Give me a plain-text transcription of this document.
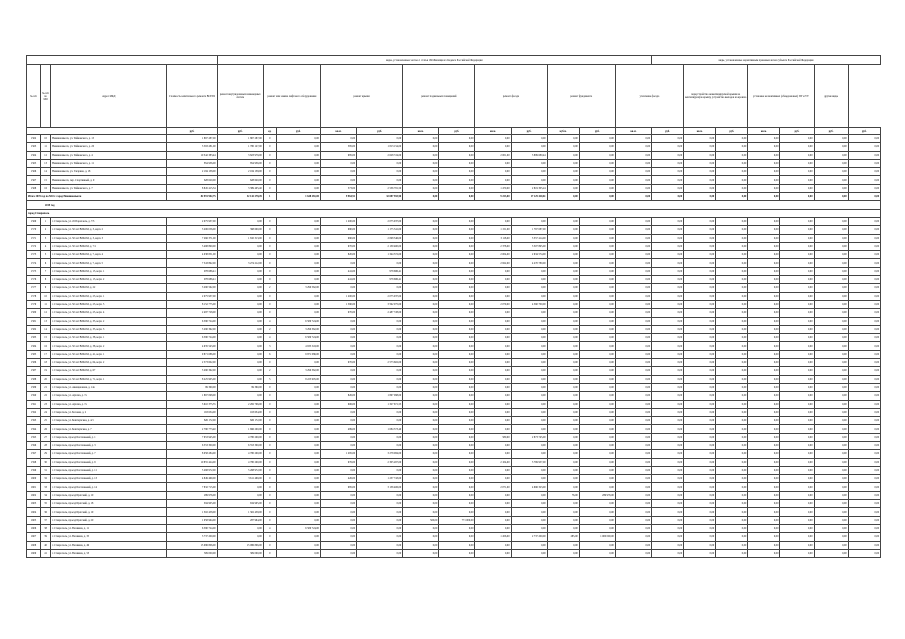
				виды, установленные частью 1 статьи 166 Жилищного Кодекса Российской Федерации												виды, установленные нормативным правовым актом субъекта Российской Федерации						
№ п/п	№ п/п по МО	Адрес МКД	Стоимость капитального ремонта ВСЕГО	ремонт внутридомовых инженерных систем	ремонт или замена лифтового оборудования		ремонт крыши		ремонт подвальных помещений		ремонт фасада		ремонт фундамента		утепление фасада		переустройство невентилируемой крыши на вентилируемую крышу, устройство выходов на кровлю		установка коллективных (общедомовых) ПУ и УУ		другие виды	
			руб.	руб.	ед.	руб.	кв.м.	руб.	кв.м.	руб.	кв.м.	руб.	куб.м.	руб.	кв.м.	руб.	кв.м.	руб.	кв.м.	руб.	руб.	руб.
1562	10	Невинномысск, ул. Чайковского, д. 15	1 867 287,00	1 867 287,00	0	0,00	0,00	0,00	0,00	0,00	0,00	0,00	0,00	0,00	0,00	0,00	0,00	0,00	0,00	0,00	0,00	0,00
1563	11	Невинномысск, ул. Чайковского, д. 20	3 593 281,00	1 780 127,00	0	0,00	585,00	1 813 154,00	0,00	0,00	0,00	0,00	0,00	0,00	0,00	0,00	0,00	0,00	0,00	0,00	0,00	0,00
1564	12	Невинномысск, ул. Чайковского, д. 4	10 342 383,44	3 823 979,00	0	0,00	985,00	2 628 724,00	0,00	0,00	2 001,00	3 889 680,44	0,00	0,00	0,00	0,00	0,00	0,00	0,00	0,00	0,00	0,00
1565	13	Невинномысск, ул. Чайковского, д. 11	854 936,00	854 936,00	0	0,00	0,00	0,00	0,00	0,00	0,00	0,00	0,00	0,00	0,00	0,00	0,00	0,00	0,00	0,00	0,00	0,00
1566	14	Невинномысск, ул. Гагарина, д. 18	2 184 138,00	2 184 138,00	0	0,00	0,00	0,00	0,00	0,00	0,00	0,00	0,00	0,00	0,00	0,00	0,00	0,00	0,00	0,00	0,00	0,00
1567	15	Невинномысск, пер. Спортивный, д. 9	628 620,00	628 620,00	0	0,00	0,00	0,00	0,00	0,00	0,00	0,00	0,00	0,00	0,00	0,00	0,00	0,00	0,00	0,00	0,00	0,00
1568	16	Невинномысск, ул. Чайковского, д. 7	8 845 415,34	3 389 405,40	0	0,00	573,00	2 536 781,50	0,00	0,00	1 470,00	2 819 305,24	0,00	0,00	0,00	0,00	0,00	0,00	0,00	0,00	0,00	0,00
Итого 2019 год по МО г. город Невинномысск			82 991 902,75	32 142 278,49	1	1 648 281,00	9 964,91	32 087 593,90	0,00	0,00	9 223,00	17 125 420,61	0,00	0,00	0,00	0,00	0,00	0,00	0,00	0,00	0,00	0,00
2019 год																						
город Ставрополь																						
1569	1	г. Ставрополь, ул. 45 Параллель, д. 7/3	2 075 937,00	0,00	0	0,00	1 200,00	2 075 937,00	0,00	0,00	0,00	0,00	0,00	0,00	0,00	0,00	0,00	0,00	0,00	0,00	0,00	0,00
1570	2	г. Ставрополь, ул. 50 лет ВЛКСМ, д. 3, корп. 2	3 206 056,00	398 600,00	0	0,00	680,00	1 175 541,00	0,00	0,00	1 151,00	1 767 087,00	0,00	0,00	0,00	0,00	0,00	0,00	0,00	0,00	0,00	0,00
1571	3	г. Ставрополь, ул. 50 лет ВЛКСМ, д. 3, корп. 3	7 266 371,00	1 810 313,00	0	0,00	990,00	2 098 546,00	0,00	0,00	3 118,00	3 357 414,00	0,00	0,00	0,00	0,00	0,00	0,00	0,00	0,00	0,00	0,00
1572	4	г. Ставрополь, ул. 50 лет ВЛКСМ, д. 7/1	5 498 890,00	0,00	0	0,00	970,00	2 139 460,00	0,00	0,00	2 378,00	3 307 895,00	0,00	0,00	0,00	0,00	0,00	0,00	0,00	0,00	0,00	0,00
1573	5	г. Ставрополь, ул. 50 лет ВЛКСМ, д. 7, корп. 4	4 038 851,00	0,00	0	0,00	820,00	1 344 372,00	0,00	0,00	2 004,00	2 634 574,00	0,00	0,00	0,00	0,00	0,00	0,00	0,00	0,00	0,00	0,00
1574	6	г. Ставрополь, ул. 50 лет ВЛКСМ, д. 7, корп. 5	7 543 892,00	3 274 212,00	0	0,00	0,00	0,00	0,00	0,00	2 822,00	4 270 780,00	0,00	0,00	0,00	0,00	0,00	0,00	0,00	0,00	0,00	0,00
1575	7	г. Ставрополь, ул. 50 лет ВЛКСМ, д. 15, корп. 1	978 686,41	0,00	0	0,00	441,00	978 686,41	0,00	0,00	0,00	0,00	0,00	0,00	0,00	0,00	0,00	0,00	0,00	0,00	0,00	0,00
1576	8	г. Ставрополь, ул. 50 лет ВЛКСМ, д. 15, корп. 2	978 686,41	0,00	0	0,00	441,00	978 686,41	0,00	0,00	0,00	0,00	0,00	0,00	0,00	0,00	0,00	0,00	0,00	0,00	0,00	0,00
1577	9	г. Ставрополь, ул. 50 лет ВЛКСМ, д. 22	3 290 562,00	0,00	2	3 290 562,00	0,00	0,00	0,00	0,00	0,00	0,00	0,00	0,00	0,00	0,00	0,00	0,00	0,00	0,00	0,00	0,00
1578	10	г. Ставрополь, ул. 50 лет ВЛКСМ, д. 23, корп. 1	2 075 937,00	0,00	0	0,00	1 200,00	2 075 937,00	0,00	0,00	0,00	0,00	0,00	0,00	0,00	0,00	0,00	0,00	0,00	0,00	0,00	0,00
1579	11	г. Ставрополь, ул. 50 лет ВЛКСМ, д. 23, корп. 5	8 152 775,00	0,00	0	0,00	1 590,00	3 592 075,00	0,00	0,00	2 079,00	4 560 700,00	0,00	0,00	0,00	0,00	0,00	0,00	0,00	0,00	0,00	0,00
1580	12	г. Ставрополь, ул. 50 лет ВЛКСМ, д. 25, корп. 4	2 487 728,00	0,00	0	0,00	970,00	2 487 728,00	0,00	0,00	0,00	0,00	0,00	0,00	0,00	0,00	0,00	0,00	0,00	0,00	0,00	0,00
1581	13	г. Ставрополь, ул. 50 лет ВЛКСМ, д. 35, корп. 2	6 580 724,00	0,00	4	6 580 724,00	0,00	0,00	0,00	0,00	0,00	0,00	0,00	0,00	0,00	0,00	0,00	0,00	0,00	0,00	0,00	0,00
1582	14	г. Ставрополь, ул. 50 лет ВЛКСМ, д. 35, корп. 3	3 290 362,00	0,00	2	3 290 362,00	0,00	0,00	0,00	0,00	0,00	0,00	0,00	0,00	0,00	0,00	0,00	0,00	0,00	0,00	0,00	0,00
1583	15	г. Ставрополь, ул. 50 лет ВЛКСМ, д. 38, корп. 1	6 580 724,00	0,00	4	6 580 724,00	0,00	0,00	0,00	0,00	0,00	0,00	0,00	0,00	0,00	0,00	0,00	0,00	0,00	0,00	0,00	0,00
1584	16	г. Ставрополь, ул. 50 лет ВЛКСМ, д. 38, корп. 2	4 935 543,00	0,00	3	4 935 543,00	0,00	0,00	0,00	0,00	0,00	0,00	0,00	0,00	0,00	0,00	0,00	0,00	0,00	0,00	0,00	0,00
1585	17	г. Ставрополь, ул. 50 лет ВЛКСМ, д. 41, корп. 1	9 871 086,00	0,00	6	9 871 086,00	0,00	0,00	0,00	0,00	0,00	0,00	0,00	0,00	0,00	0,00	0,00	0,00	0,00	0,00	0,00	0,00
1586	18	г. Ставрополь, ул. 50 лет ВЛКСМ, д. 64, корп. 2	2 573 602,00	0,00	0	0,00	970,00	2 573 602,00	0,00	0,00	0,00	0,00	0,00	0,00	0,00	0,00	0,00	0,00	0,00	0,00	0,00	0,00
1587	19	г. Ставрополь, ул. 50 лет ВЛКСМ, д. 67	3 290 362,00	0,00	2	3 290 362,00	0,00	0,00	0,00	0,00	0,00	0,00	0,00	0,00	0,00	0,00	0,00	0,00	0,00	0,00	0,00	0,00
1588	20	г. Ставрополь, ул. 50 лет ВЛКСМ, д. 71, корп. 1	8 225 905,00	0,00	5	8 225 905,00	0,00	0,00	0,00	0,00	0,00	0,00	0,00	0,00	0,00	0,00	0,00	0,00	0,00	0,00	0,00	0,00
1589	21	г. Ставрополь, ул. Авиационная, д. 14а	99 360,00	99 360,00	0	0,00	0,00	0,00	0,00	0,00	0,00	0,00	0,00	0,00	0,00	0,00	0,00	0,00	0,00	0,00	0,00	0,00
1590	22	г. Ставрополь, ул. Артема, д. 7а	1 867 098,00	0,00	0	0,00	826,00	1 867 098,00	0,00	0,00	0,00	0,00	0,00	0,00	0,00	0,00	0,00	0,00	0,00	0,00	0,00	0,00
1591	23	г. Ставрополь, ул. Артема, д. 7а	3 610 375,55	2 282 706,00	0	0,00	606,00	1 327 671,55	0,00	0,00	0,00	0,00	0,00	0,00	0,00	0,00	0,00	0,00	0,00	0,00	0,00	0,00
1592	24	г. Ставрополь, ул. Басовая, д. 2	163 634,00	163 634,00	0	0,00	0,00	0,00	0,00	0,00	0,00	0,00	0,00	0,00	0,00	0,00	0,00	0,00	0,00	0,00	0,00	0,00
1593	25	г. Ставрополь, ул. Бештаунская, д. 4/1	826 172,00	826 172,00	0	0,00	0,00	0,00	0,00	0,00	0,00	0,00	0,00	0,00	0,00	0,00	0,00	0,00	0,00	0,00	0,00	0,00
1594	26	г. Ставрополь, ул. Бештаунская, д. 7	2 780 773,40	1 696 200,00	0	0,00	489,00	1 084 573,40	0,00	0,00	0,00	0,00	0,00	0,00	0,00	0,00	0,00	0,00	0,00	0,00	0,00	0,00
1595	27	г. Ставрополь, проезд Богатенький, д. 1	7 653 945,00	4 780 200,00	0	0,00	0,00	0,00	0,00	0,00	580,00	2 873 745,00	0,00	0,00	0,00	0,00	0,00	0,00	0,00	0,00	0,00	0,00
1596	28	г. Ставрополь, проезд Богатенький, д. 3	6 553 300,00	6 553 300,00	0	0,00	0,00	0,00	0,00	0,00	0,00	0,00	0,00	0,00	0,00	0,00	0,00	0,00	0,00	0,00	0,00	0,00
1597	29	г. Ставрополь, проезд Богатенький, д. 7	8 058 284,00	4 780 200,00	0	0,00	1 295,00	3 278 084,00	0,00	0,00	0,00	0,00	0,00	0,00	0,00	0,00	0,00	0,00	0,00	0,00	0,00	0,00
1598	30	г. Ставрополь, проезд Богатенький, д. 9	10 855 424,00	4 780 200,00	0	0,00	976,00	2 305 267,00	0,00	0,00	2 104,00	3 769 957,00	0,00	0,00	0,00	0,00	0,00	0,00	0,00	0,00	0,00	0,00
1599	31	г. Ставрополь, проезд Богатенький, д. 11	5 268 972,00	5 268 972,00	0	0,00	0,00	0,00	0,00	0,00	0,00	0,00	0,00	0,00	0,00	0,00	0,00	0,00	0,00	0,00	0,00	0,00
1600	32	г. Ставрополь, проезд Богатенький, д. 13	4 849 469,00	3 611 469,00	0	0,00	426,00	1 237 743,00	0,00	0,00	0,00	0,00	0,00	0,00	0,00	0,00	0,00	0,00	0,00	0,00	0,00	0,00
1601	33	г. Ставрополь, проезд Богатенький, д. 14	7 832 715,00	0,00	0	0,00	985,00	3 136 406,00	0,00	0,00	2 071,00	4 696 323,00	0,00	0,00	0,00	0,00	0,00	0,00	0,00	0,00	0,00	0,00
1602	34	г. Ставрополь, проезд Братский, д. 10	289 976,00	0,00	0	0,00	0,00	0,00	0,00	0,00	0,00	0,00	76,00	289 976,00	0,00	0,00	0,00	0,00	0,00	0,00	0,00	0,00
1603	35	г. Ставрополь, проезд Братский, д. 18	634 905,00	634 905,00	0	0,00	0,00	0,00	0,00	0,00	0,00	0,00	0,00	0,00	0,00	0,00	0,00	0,00	0,00	0,00	0,00	0,00
1604	36	г. Ставрополь, проезд Братский, д. 19	1 302 458,00	1 302 458,00	0	0,00	0,00	0,00	0,00	0,00	0,00	0,00	0,00	0,00	0,00	0,00	0,00	0,00	0,00	0,00	0,00	0,00
1605	37	г. Ставрополь, проезд Братский, д. 20	1 058 964,00	287 964,00	0	0,00	0,00	0,00	500,00	771 000,00	0,00	0,00	0,00	0,00	0,00	0,00	0,00	0,00	0,00	0,00	0,00	0,00
1606	38	г. Ставрополь, ул. Васякина, д. 11	6 580 724,00	0,00	4	6 580 724,00	0,00	0,00	0,00	0,00	0,00	0,00	0,00	0,00	0,00	0,00	0,00	0,00	0,00	0,00	0,00	0,00
1607	39	г. Ставрополь, ул. Васякина, д. 35	3 737 200,00	0,00	0	0,00	0,00	0,00	0,00	0,00	1 456,00	2 737 200,00	285,00	1 000 000,00	0,00	0,00	0,00	0,00	0,00	0,00	0,00	0,00
1608	40	г. Ставрополь, ул. Васякина, д. 49	15 086 806,00	15 086 806,00	0	0,00	0,00	0,00	0,00	0,00	0,00	0,00	0,00	0,00	0,00	0,00	0,00	0,00	0,00	0,00	0,00	0,00
1609	41	г. Ставрополь, ул. Васякина, д. 53	309 000,00	309 000,00	0	0,00	0,00	0,00	0,00	0,00	0,00	0,00	0,00	0,00	0,00	0,00	0,00	0,00	0,00	0,00	0,00	0,00
